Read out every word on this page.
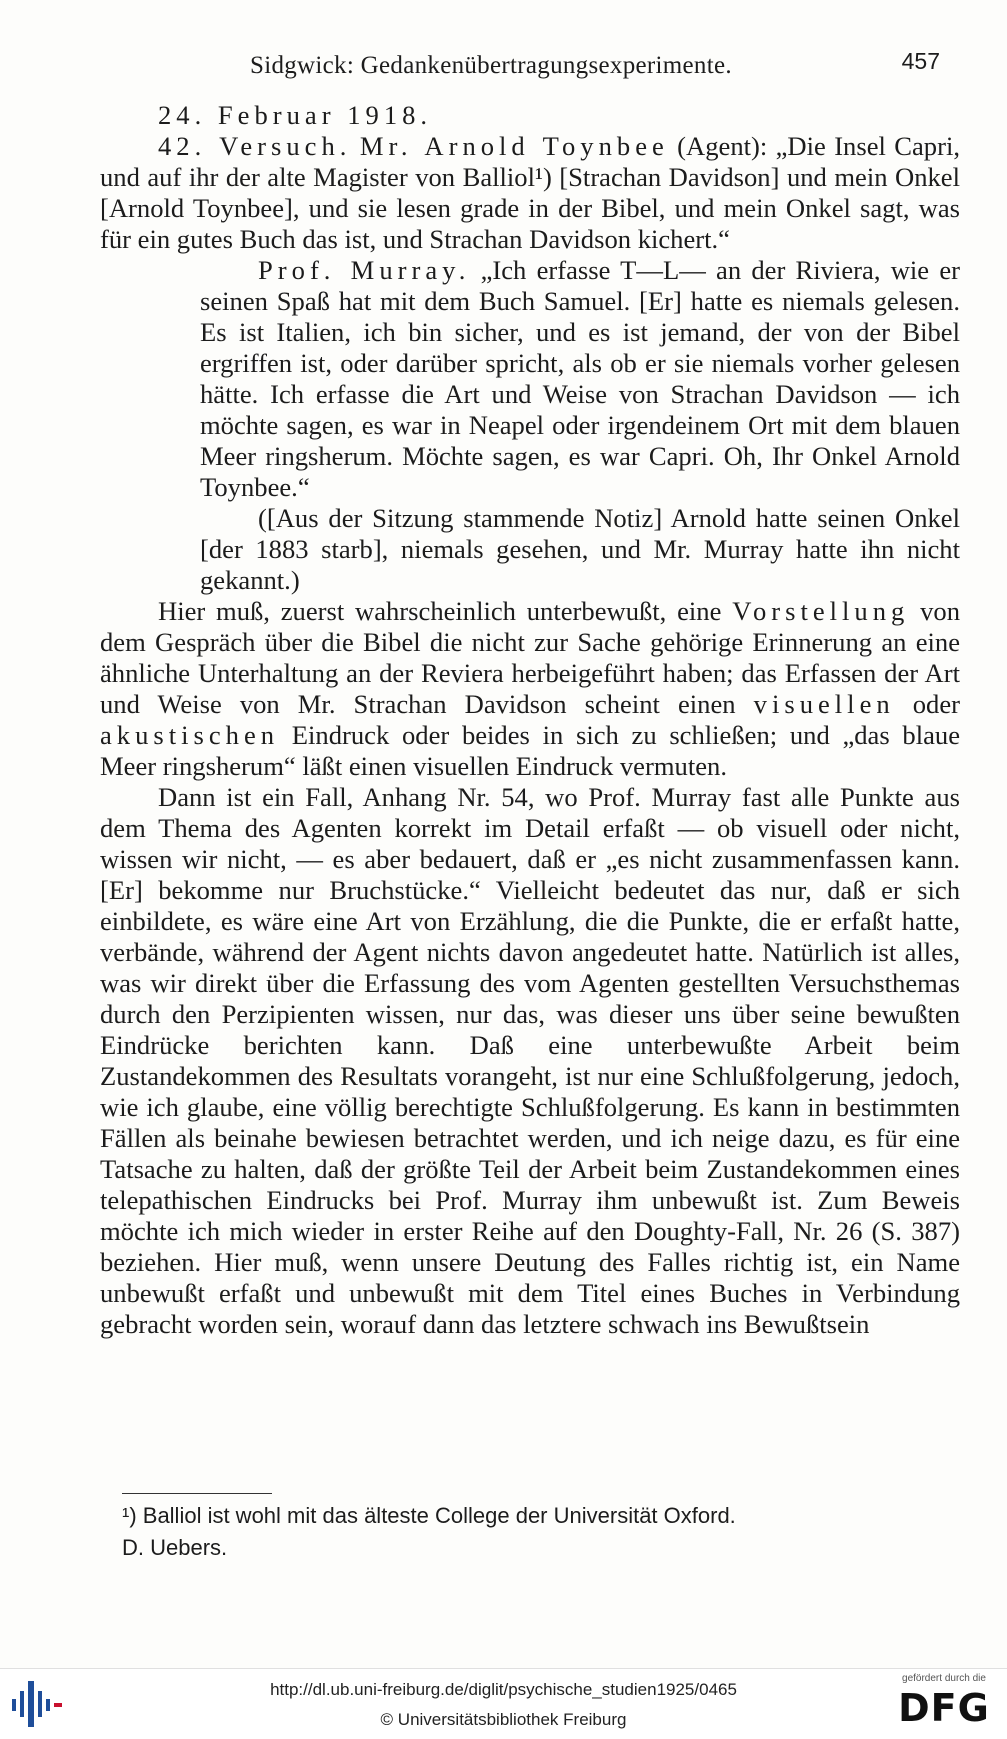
Sidgwick: Gedankenübertragungsexperimente.	457

24. Februar 1918.

42. Versuch. Mr. Arnold Toynbee (Agent): „Die Insel Capri, und auf ihr der alte Magister von Balliol¹) [Strachan Davidson] und mein Onkel [Arnold Toynbee], und sie lesen grade in der Bibel, und mein Onkel sagt, was für ein gutes Buch das ist, und Strachan Davidson kichert.“

Prof. Murray. „Ich erfasse T—L— an der Riviera, wie er seinen Spaß hat mit dem Buch Samuel. [Er] hatte es niemals gelesen. Es ist Italien, ich bin sicher, und es ist jemand, der von der Bibel ergriffen ist, oder darüber spricht, als ob er sie niemals vorher gelesen hätte. Ich erfasse die Art und Weise von Strachan Davidson — ich möchte sagen, es war in Neapel oder irgendeinem Ort mit dem blauen Meer ringsherum. Möchte sagen, es war Capri. Oh, Ihr Onkel Arnold Toynbee.“

([Aus der Sitzung stammende Notiz] Arnold hatte seinen Onkel [der 1883 starb], niemals gesehen, und Mr. Murray hatte ihn nicht gekannt.)

Hier muß, zuerst wahrscheinlich unterbewußt, eine Vorstellung von dem Gespräch über die Bibel die nicht zur Sache gehörige Erinnerung an eine ähnliche Unterhaltung an der Reviera herbeigeführt haben; das Erfassen der Art und Weise von Mr. Strachan Davidson scheint einen visuellen oder akustischen Eindruck oder beides in sich zu schließen; und „das blaue Meer ringsherum“ läßt einen visuellen Eindruck vermuten.

Dann ist ein Fall, Anhang Nr. 54, wo Prof. Murray fast alle Punkte aus dem Thema des Agenten korrekt im Detail erfaßt — ob visuell oder nicht, wissen wir nicht, — es aber bedauert, daß er „es nicht zusammenfassen kann. [Er] bekomme nur Bruchstücke.“ Vielleicht bedeutet das nur, daß er sich einbildete, es wäre eine Art von Erzählung, die die Punkte, die er erfaßt hatte, verbände, während der Agent nichts davon angedeutet hatte. Natürlich ist alles, was wir direkt über die Erfassung des vom Agenten gestellten Versuchsthemas durch den Perzipienten wissen, nur das, was dieser uns über seine bewußten Eindrücke berichten kann. Daß eine unterbewußte Arbeit beim Zustandekommen des Resultats vorangeht, ist nur eine Schlußfolgerung, jedoch, wie ich glaube, eine völlig berechtigte Schlußfolgerung. Es kann in bestimmten Fällen als beinahe bewiesen betrachtet werden, und ich neige dazu, es für eine Tatsache zu halten, daß der größte Teil der Arbeit beim Zustandekommen eines telepathischen Eindrucks bei Prof. Murray ihm unbewußt ist. Zum Beweis möchte ich mich wieder in erster Reihe auf den Doughty-Fall, Nr. 26 (S. 387) beziehen. Hier muß, wenn unsere Deutung des Falles richtig ist, ein Name unbewußt erfaßt und unbewußt mit dem Titel eines Buches in Verbindung gebracht worden sein, worauf dann das letztere schwach ins Bewußtsein

¹) Balliol ist wohl mit das älteste College der Universität Oxford.
D. Uebers.
http://dl.ub.uni-freiburg.de/diglit/psychische_studien1925/0465
© Universitätsbibliothek Freiburg
gefördert durch die
DFG
